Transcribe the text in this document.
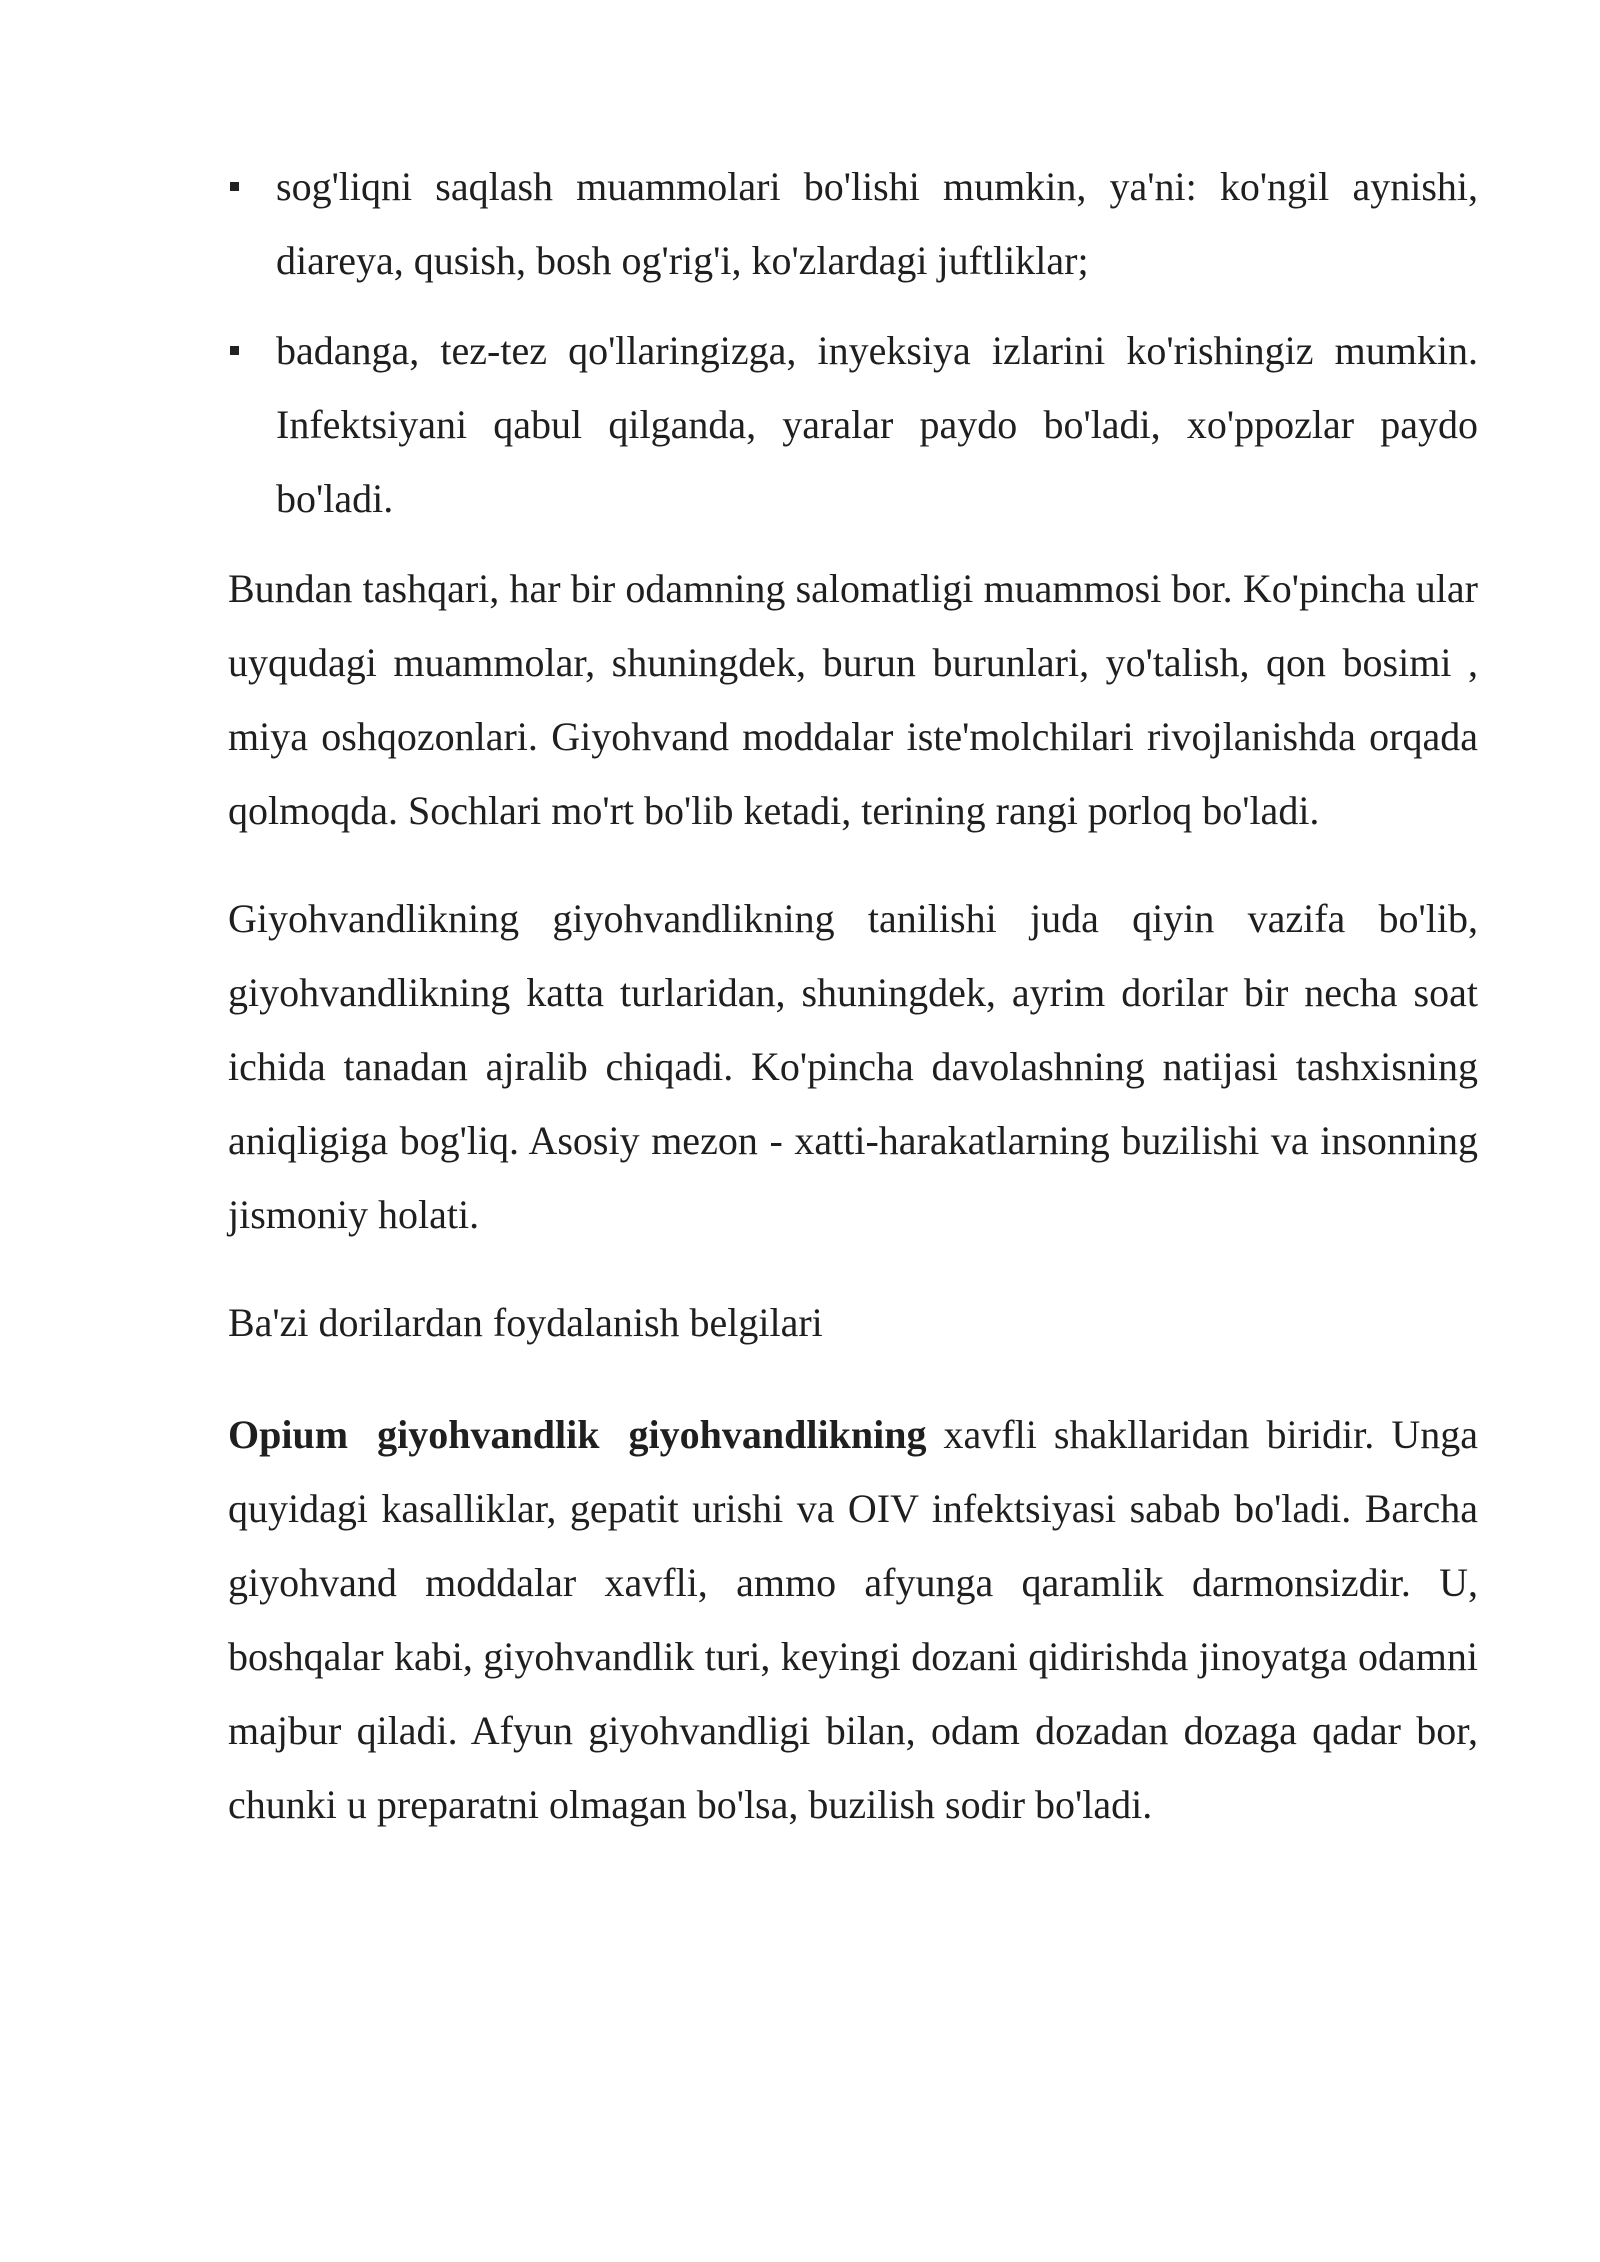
sog'liqni saqlash muammolari bo'lishi mumkin, ya'ni: ko'ngil aynishi, diareya, qusish, bosh og'rig'i, ko'zlardagi juftliklar;
badanga, tez-tez qo'llaringizga, inyeksiya izlarini ko'rishingiz mumkin. Infektsiyani qabul qilganda, yaralar paydo bo'ladi, xo'ppozlar paydo bo'ladi.

Bundan tashqari, har bir odamning salomatligi muammosi bor. Ko'pincha ular uyqudagi muammolar, shuningdek, burun burunlari, yo'talish, qon bosimi , miya oshqozonlari. Giyohvand moddalar iste'molchilari rivojlanishda orqada qolmoqda. Sochlari mo'rt bo'lib ketadi, terining rangi porloq bo'ladi.

Giyohvandlikning giyohvandlikning tanilishi juda qiyin vazifa bo'lib, giyohvandlikning katta turlaridan, shuningdek, ayrim dorilar bir necha soat ichida tanadan ajralib chiqadi. Ko'pincha davolashning natijasi tashxisning aniqligiga bog'liq. Asosiy mezon - xatti-harakatlarning buzilishi va insonning jismoniy holati.

Ba'zi dorilardan foydalanish belgilari

Opium giyohvandlik giyohvandlikning xavfli shakllaridan biridir. Unga quyidagi kasalliklar, gepatit urishi va OIV infektsiyasi sabab bo'ladi. Barcha giyohvand moddalar xavfli, ammo afyunga qaramlik darmonsizdir. U, boshqalar kabi, giyohvandlik turi, keyingi dozani qidirishda jinoyatga odamni majbur qiladi. Afyun giyohvandligi bilan, odam dozadan dozaga qadar bor, chunki u preparatni olmagan bo'lsa, buzilish sodir bo'ladi.
